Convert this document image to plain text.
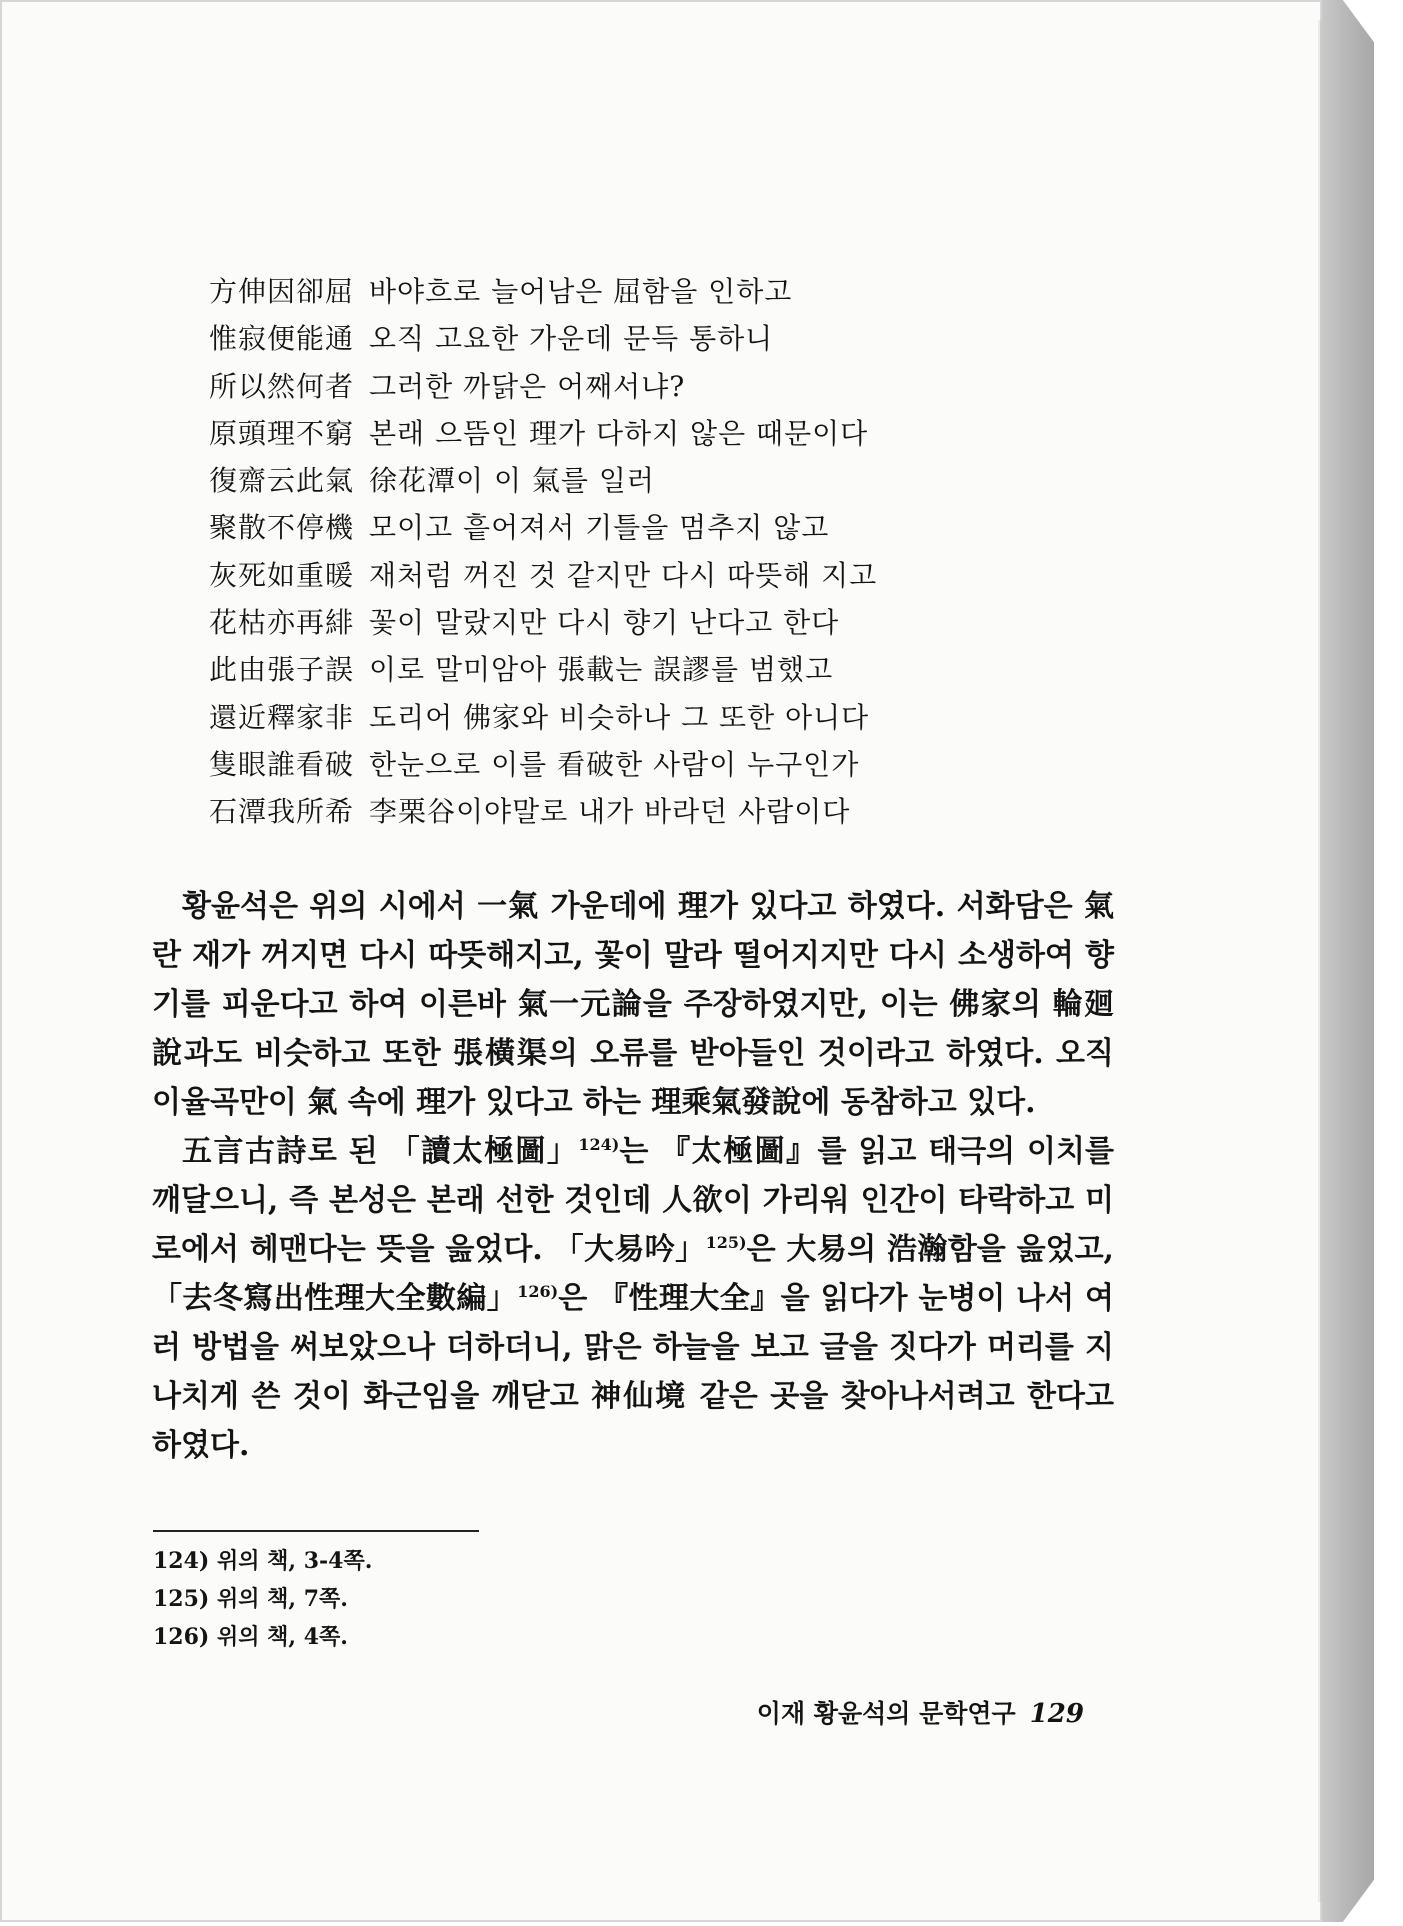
方伸因卻屈 바야흐로 늘어남은 屈함을 인하고
惟寂便能通 오직 고요한 가운데 문득 통하니
所以然何者 그러한 까닭은 어째서냐?
原頭理不窮 본래 으뜸인 理가 다하지 않은 때문이다
復齋云此氣 徐花潭이 이 氣를 일러
聚散不停機 모이고 흩어져서 기틀을 멈추지 않고
灰死如重暖 재처럼 꺼진 것 같지만 다시 따뜻해 지고
花枯亦再緋 꽃이 말랐지만 다시 향기 난다고 한다
此由張子誤 이로 말미암아 張載는 誤謬를 범했고
還近釋家非 도리어 佛家와 비슷하나 그 또한 아니다
隻眼誰看破 한눈으로 이를 看破한 사람이 누구인가
石潭我所希 李栗谷이야말로 내가 바라던 사람이다

황윤석은 위의 시에서 一氣 가운데에 理가 있다고 하였다. 서화담은 氣란 재가 꺼지면 다시 따뜻해지고, 꽃이 말라 떨어지지만 다시 소생하여 향기를 피운다고 하여 이른바 氣一元論을 주장하였지만, 이는 佛家의 輪廻說과도 비슷하고 또한 張橫渠의 오류를 받아들인 것이라고 하였다. 오직 이율곡만이 氣 속에 理가 있다고 하는 理乘氣發說에 동참하고 있다.

五言古詩로 된 「讀太極圖」$^{124)}$는 『太極圖』를 읽고 태극의 이치를 깨달으니, 즉 본성은 본래 선한 것인데 人欲이 가리워 인간이 타락하고 미로에서 헤맨다는 뜻을 읊었다. 「大易吟」$^{125)}$은 大易의 浩瀚함을 읊었고, 「去冬寫出性理大全數編」$^{126)}$은 『性理大全』을 읽다가 눈병이 나서 여러 방법을 써보았으나 더하더니, 맑은 하늘을 보고 글을 짓다가 머리를 지나치게 쓴 것이 화근임을 깨닫고 神仙境 같은 곳을 찾아나서려고 한다고 하였다.

124) 위의 책, 3-4쪽.
125) 위의 책, 7쪽.
126) 위의 책, 4쪽.
이재 황윤석의 문학연구 129
